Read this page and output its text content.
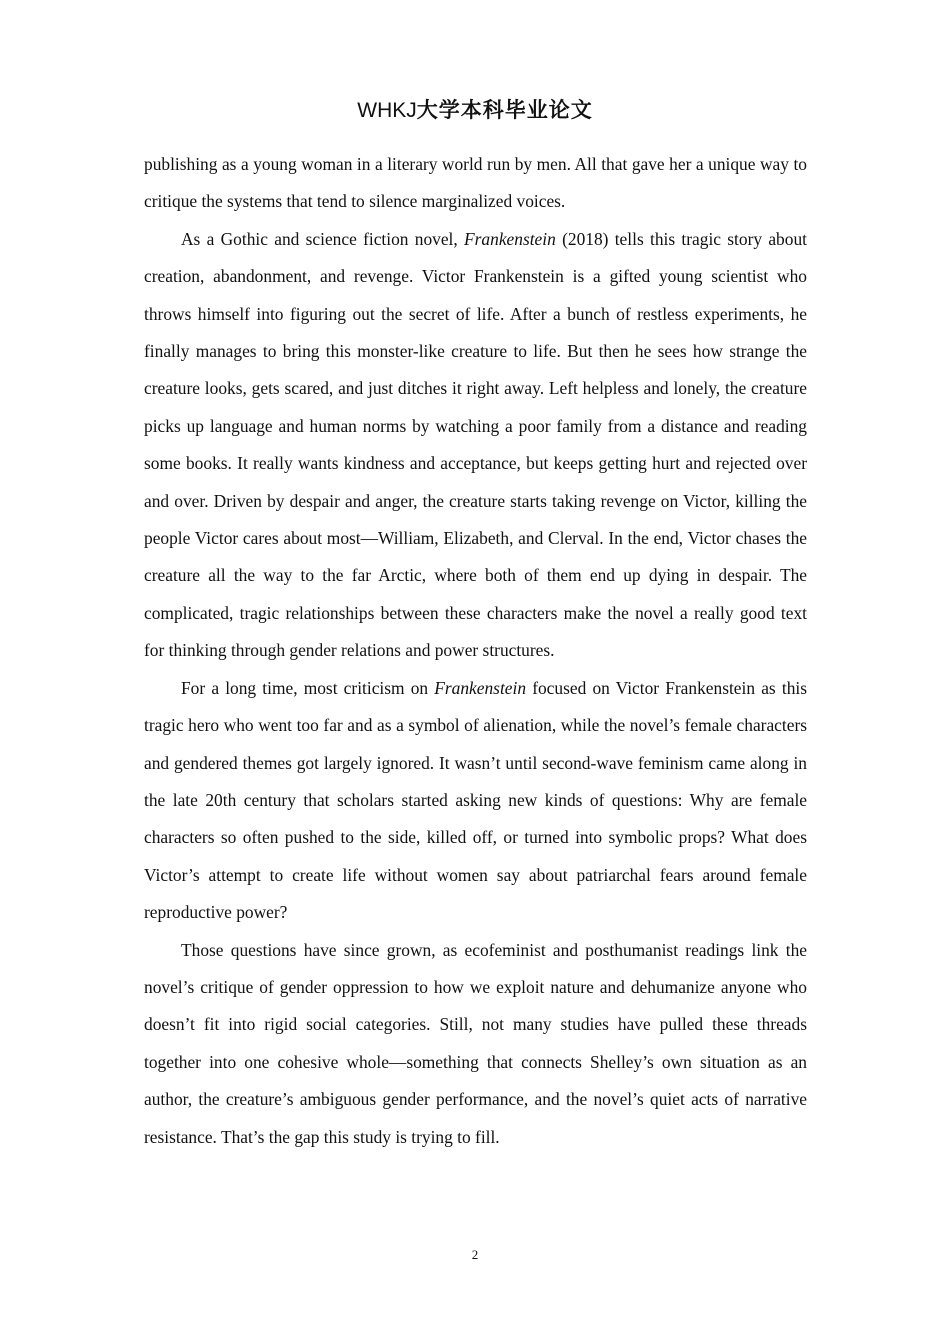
WHKJ大学本科毕业论文

publishing as a young woman in a literary world run by men. All that gave her a unique way to critique the systems that tend to silence marginalized voices.

As a Gothic and science fiction novel, Frankenstein (2018) tells this tragic story about creation, abandonment, and revenge. Victor Frankenstein is a gifted young scientist who throws himself into figuring out the secret of life. After a bunch of restless experiments, he finally manages to bring this monster-like creature to life. But then he sees how strange the creature looks, gets scared, and just ditches it right away. Left helpless and lonely, the creature picks up language and human norms by watching a poor family from a distance and reading some books. It really wants kindness and acceptance, but keeps getting hurt and rejected over and over. Driven by despair and anger, the creature starts taking revenge on Victor, killing the people Victor cares about most—William, Elizabeth, and Clerval. In the end, Victor chases the creature all the way to the far Arctic, where both of them end up dying in despair. The complicated, tragic relationships between these characters make the novel a really good text for thinking through gender relations and power structures.

For a long time, most criticism on Frankenstein focused on Victor Frankenstein as this tragic hero who went too far and as a symbol of alienation, while the novel’s female characters and gendered themes got largely ignored. It wasn’t until second-wave feminism came along in the late 20th century that scholars started asking new kinds of questions: Why are female characters so often pushed to the side, killed off, or turned into symbolic props? What does Victor’s attempt to create life without women say about patriarchal fears around female reproductive power?

Those questions have since grown, as ecofeminist and posthumanist readings link the novel’s critique of gender oppression to how we exploit nature and dehumanize anyone who doesn’t fit into rigid social categories. Still, not many studies have pulled these threads together into one cohesive whole—something that connects Shelley’s own situation as an author, the creature’s ambiguous gender performance, and the novel’s quiet acts of narrative resistance. That’s the gap this study is trying to fill.

2
